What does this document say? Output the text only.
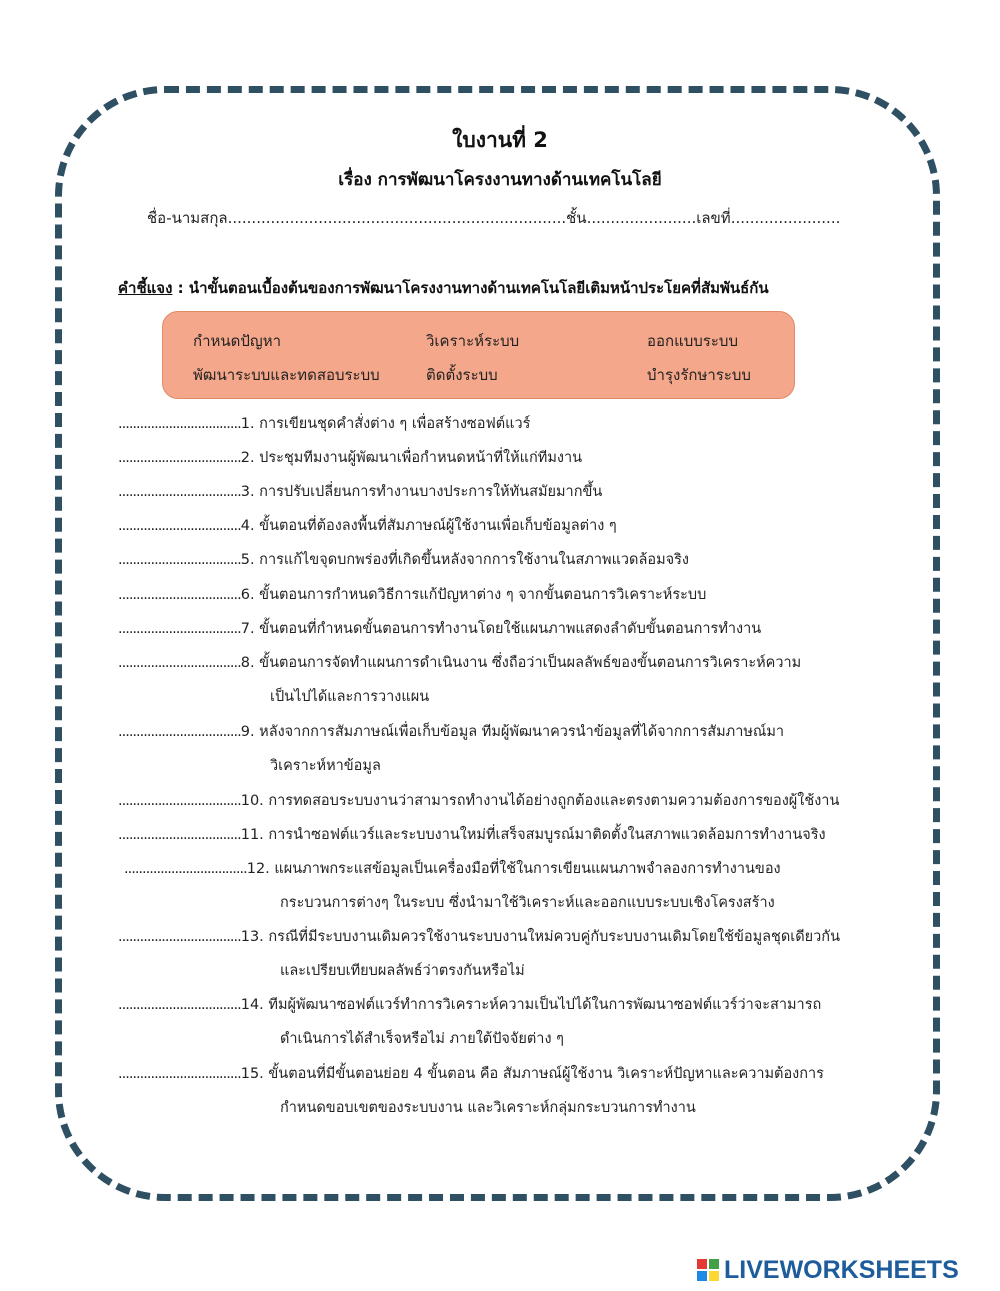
ใบงานที่ 2
เรื่อง การพัฒนาโครงงานทางด้านเทคโนโลยี
ชื่อ-นามสกุล.......................................................................ชั้น.......................เลขที่.......................
คำชี้แจง : นำขั้นตอนเบื้องต้นของการพัฒนาโครงงานทางด้านเทคโนโลยีเติมหน้าประโยคที่สัมพันธ์กัน
กำหนดปัญหา	วิเคราะห์ระบบ	ออกแบบระบบ
พัฒนาระบบและทดสอบระบบ	ติดตั้งระบบ	บำรุงรักษาระบบ
..................................1. การเขียนชุดคำสั่งต่าง ๆ เพื่อสร้างซอฟต์แวร์
..................................2. ประชุมทีมงานผู้พัฒนาเพื่อกำหนดหน้าที่ให้แก่ทีมงาน
..................................3. การปรับเปลี่ยนการทำงานบางประการให้ทันสมัยมากขึ้น
..................................4. ขั้นตอนที่ต้องลงพื้นที่สัมภาษณ์ผู้ใช้งานเพื่อเก็บข้อมูลต่าง ๆ
..................................5. การแก้ไขจุดบกพร่องที่เกิดขึ้นหลังจากการใช้งานในสภาพแวดล้อมจริง
..................................6. ขั้นตอนการกำหนดวิธีการแก้ปัญหาต่าง ๆ จากขั้นตอนการวิเคราะห์ระบบ
..................................7. ขั้นตอนที่กำหนดขั้นตอนการทำงานโดยใช้แผนภาพแสดงลำดับขั้นตอนการทำงาน
..................................8. ขั้นตอนการจัดทำแผนการดำเนินงาน ซึ่งถือว่าเป็นผลลัพธ์ของขั้นตอนการวิเคราะห์ความ
เป็นไปได้และการวางแผน
..................................9. หลังจากการสัมภาษณ์เพื่อเก็บข้อมูล ทีมผู้พัฒนาควรนำข้อมูลที่ได้จากการสัมภาษณ์มา
วิเคราะห์หาข้อมูล
..................................10. การทดสอบระบบงานว่าสามารถทำงานได้อย่างถูกต้องและตรงตามความต้องการของผู้ใช้งาน
..................................11. การนำซอฟต์แวร์และระบบงานใหม่ที่เสร็จสมบูรณ์มาติดตั้งในสภาพแวดล้อมการทำงานจริง
..................................12. แผนภาพกระแสข้อมูลเป็นเครื่องมือที่ใช้ในการเขียนแผนภาพจำลองการทำงานของ
กระบวนการต่างๆ ในระบบ ซึ่งนำมาใช้วิเคราะห์และออกแบบระบบเชิงโครงสร้าง
..................................13. กรณีที่มีระบบงานเดิมควรใช้งานระบบงานใหม่ควบคู่กับระบบงานเดิมโดยใช้ข้อมูลชุดเดียวกัน
และเปรียบเทียบผลลัพธ์ว่าตรงกันหรือไม่
..................................14. ทีมผู้พัฒนาซอฟต์แวร์ทำการวิเคราะห์ความเป็นไปได้ในการพัฒนาซอฟต์แวร์ว่าจะสามารถ
ดำเนินการได้สำเร็จหรือไม่ ภายใต้ปัจจัยต่าง ๆ
..................................15. ขั้นตอนที่มีขั้นตอนย่อย 4 ขั้นตอน คือ สัมภาษณ์ผู้ใช้งาน วิเคราะห์ปัญหาและความต้องการ
กำหนดขอบเขตของระบบงาน และวิเคราะห์กลุ่มกระบวนการทำงาน
LIVEWORKSHEETS
